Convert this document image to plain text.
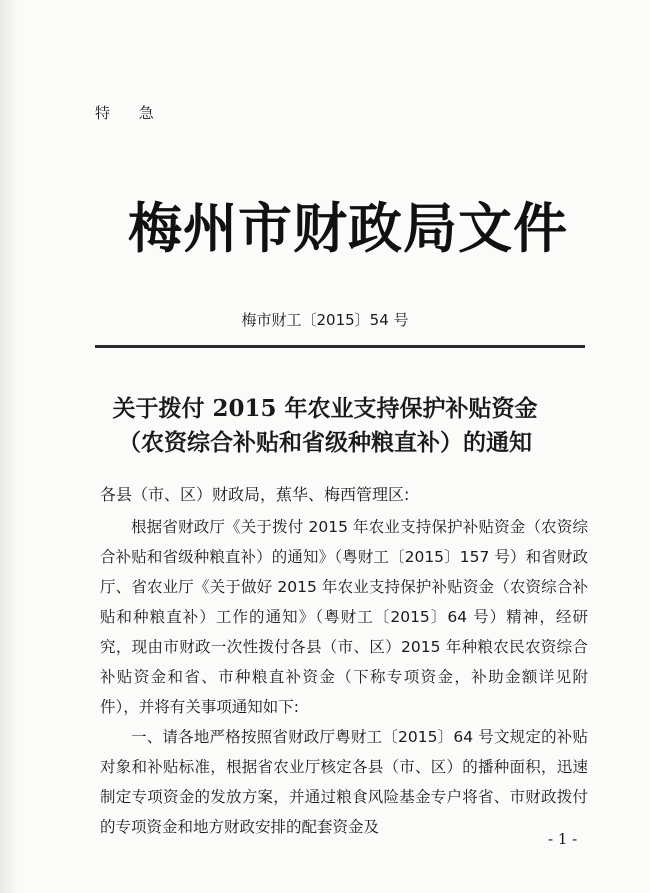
特 急
梅州市财政局文件
梅市财工〔2015〕54 号
关于拨付 2015 年农业支持保护补贴资金
（农资综合补贴和省级种粮直补）的通知
各县（市、区）财政局，蕉华、梅西管理区:

根据省财政厅《关于拨付 2015 年农业支持保护补贴资金（农资综合补贴和省级种粮直补）的通知》（粤财工〔2015〕157 号）和省财政厅、省农业厅《关于做好 2015 年农业支持保护补贴资金（农资综合补贴和种粮直补）工作的通知》（粤财工〔2015〕64 号）精神，经研究，现由市财政一次性拨付各县（市、区）2015 年种粮农民农资综合补贴资金和省、市种粮直补资金（下称专项资金，补助金额详见附件），并将有关事项通知如下:

一、请各地严格按照省财政厅粤财工〔2015〕64 号文规定的补贴对象和补贴标准，根据省农业厅核定各县（市、区）的播种面积，迅速制定专项资金的发放方案，并通过粮食风险基金专户将省、市财政拨付的专项资金和地方财政安排的配套资金及

- 1 -
